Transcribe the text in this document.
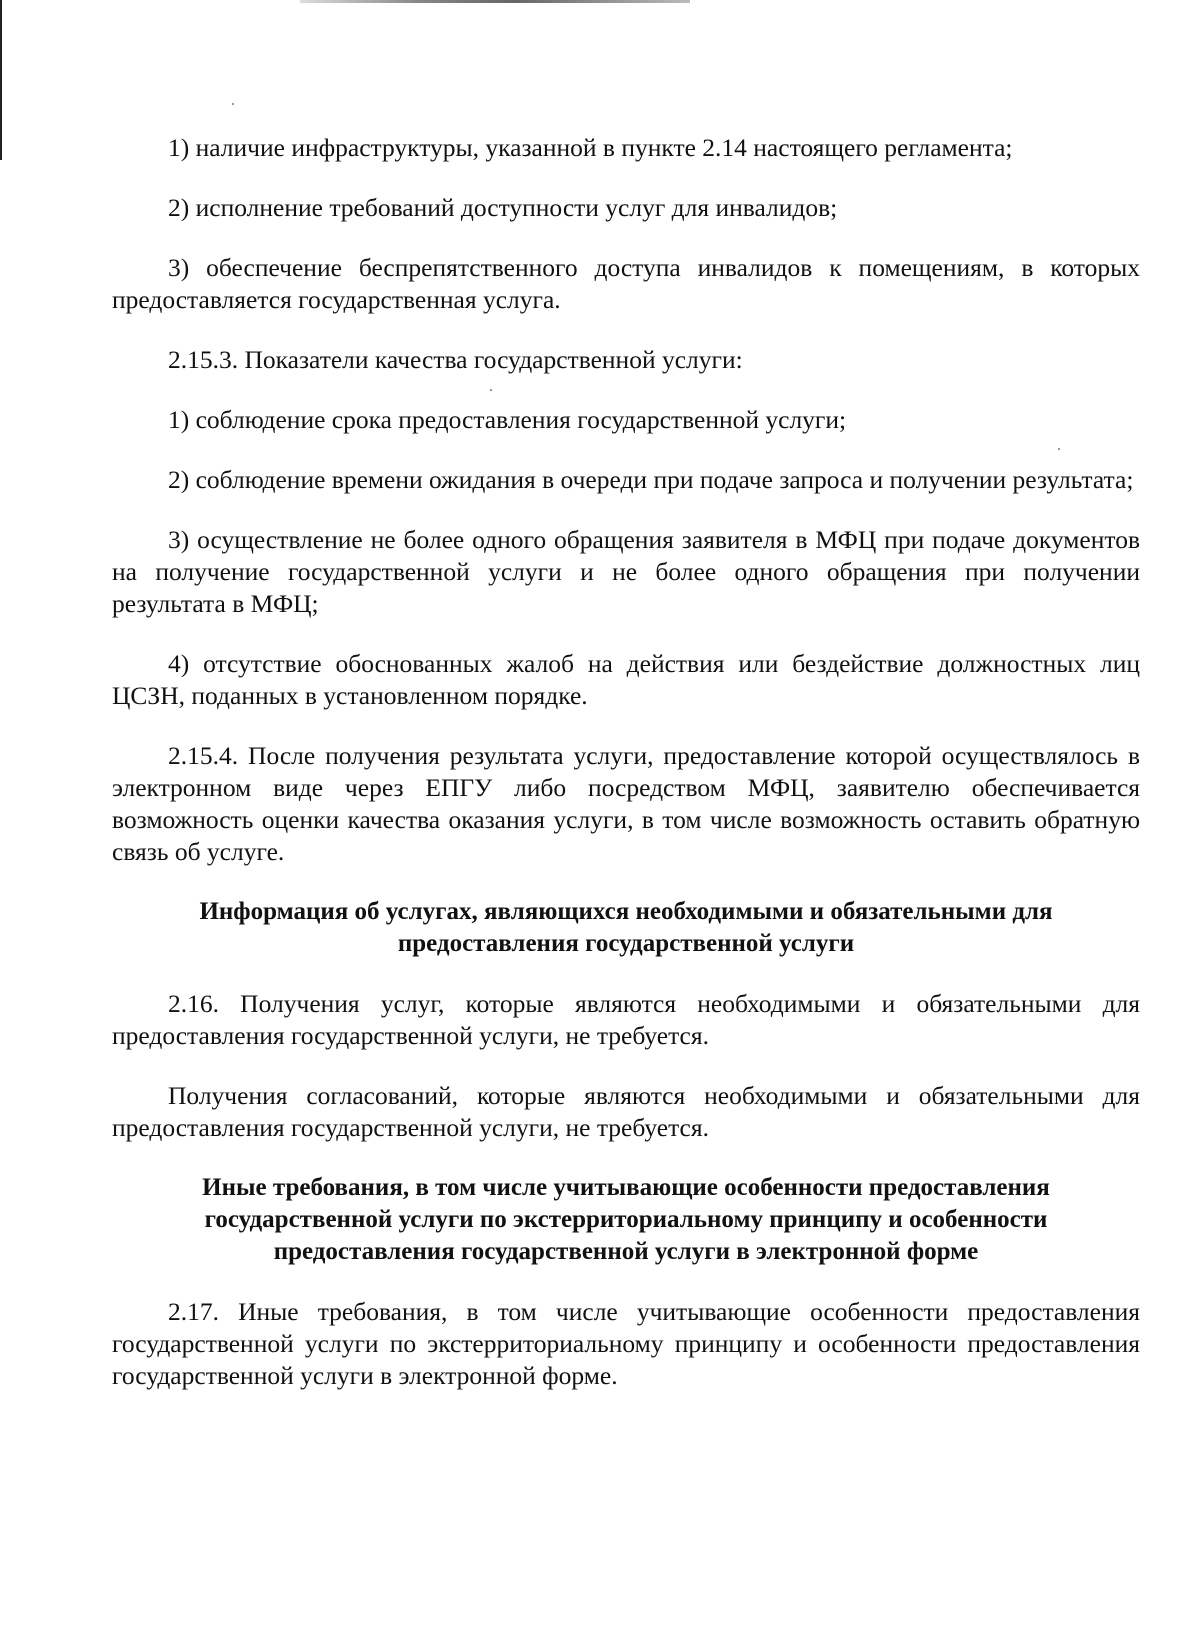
1) наличие инфраструктуры, указанной в пункте 2.14 настоящего регламента;

2) исполнение требований доступности услуг для инвалидов;

3) обеспечение беспрепятственного доступа инвалидов к помещениям, в которых предоставляется государственная услуга.

2.15.3. Показатели качества государственной услуги:

1) соблюдение срока предоставления государственной услуги;

2) соблюдение времени ожидания в очереди при подаче запроса и получении результата;

3) осуществление не более одного обращения заявителя в МФЦ при подаче документов на получение государственной услуги и не более одного обращения при получении результата в МФЦ;

4) отсутствие обоснованных жалоб на действия или бездействие должностных лиц ЦСЗН, поданных в установленном порядке.

2.15.4. После получения результата услуги, предоставление которой осуществлялось в электронном виде через ЕПГУ либо посредством МФЦ, заявителю обеспечивается возможность оценки качества оказания услуги, в том числе возможность оставить обратную связь об услуге.

Информация об услугах, являющихся необходимыми и обязательными для предоставления государственной услуги

2.16. Получения услуг, которые являются необходимыми и обязательными для предоставления государственной услуги, не требуется.

Получения согласований, которые являются необходимыми и обязательными для предоставления государственной услуги, не требуется.

Иные требования, в том числе учитывающие особенности предоставления государственной услуги по экстерриториальному принципу и особенности предоставления государственной услуги в электронной форме

2.17. Иные требования, в том числе учитывающие особенности предоставления государственной услуги по экстерриториальному принципу и особенности предоставления государственной услуги в электронной форме.
